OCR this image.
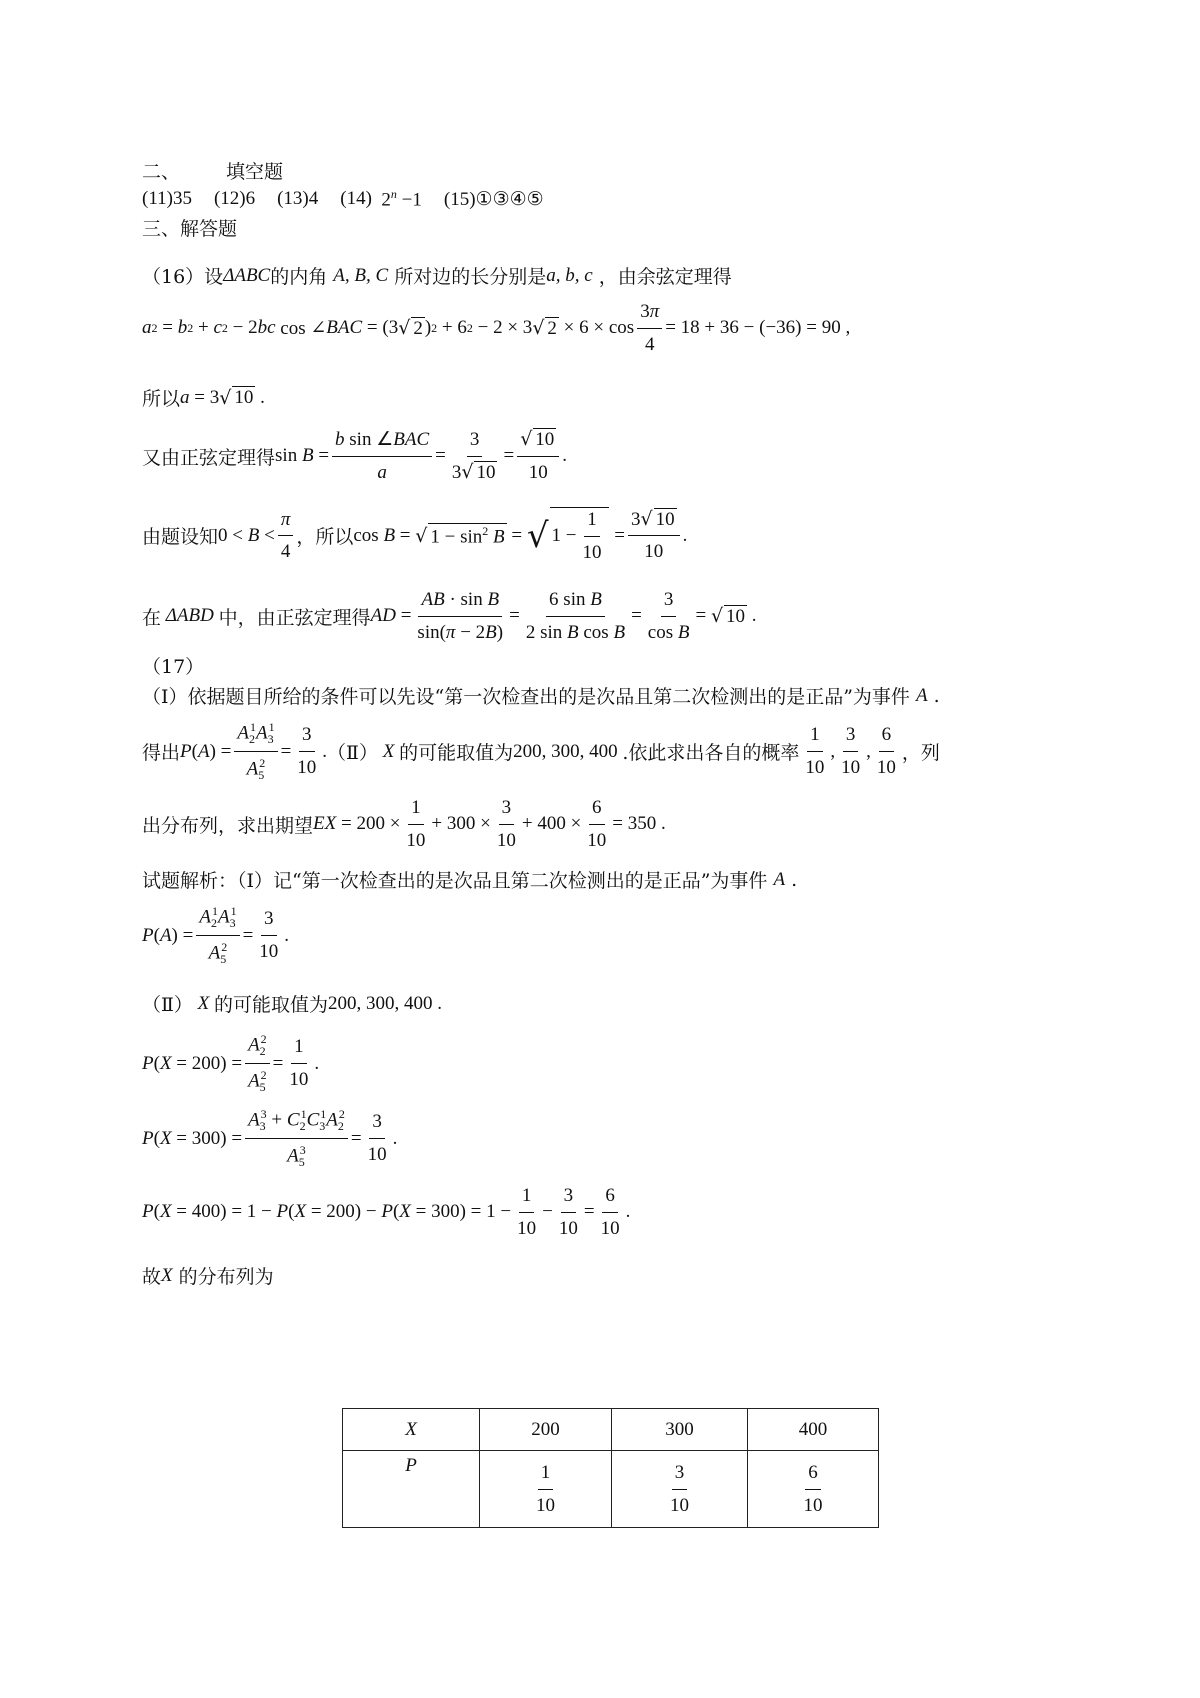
二、 填空题
(11)35 (12)6 (13)4 (14)
$2^n -1$ (15)①③④⑤
三、解答题
（16）设 ΔABC 的内角
A, B, C
所对边的长分别是 a, b, c
，由余弦定理得
a 2 = b 2 + c 2 − 2 bc cos ∠ BAC = (3 √ 2 ) 2 + 6 2 − 2 × 3 √ $2 \times 6 \times \cos \frac{3\pi}{4} = 18 + 36 - (-36) = 90$ ,
所以 a = 3 √ 10 .
又由正弦定理得 $\sin B = \frac{\text{b sin ∠BAC}}{a} = \frac{3}{3√ 10} = \frac{√ 10}{10}$ .
由题设知 $0 < B < \frac{\pi}{4}$ ，所以 cos B = √ $1 - \sin^2 B$ = √ $1 - \frac{1}{10} = \frac{3√ 10}{10}$ .
在
ΔABD
中，由正弦定理得 AD = $\frac{\text{AB · sin B}}{\sin(\pi - 2B)} = \frac{\text{6 sin B}}{\text{2 sin B cos B}} = \frac{3}{\text{cos B}}$ = √ 10 .
（17）
（Ⅰ）依据题目所给的条件可以先设“第一次检查出的是次品且第二次检测出的是正品”为事件
A
.
得出 P ( A ) = $\frac{A_2^1A_3^1}{A_5^2} = \frac{3}{10}$ . （Ⅱ）
X
的可能取值为 200, 300, 400
.依此求出各自的概率 $\frac{1}{10}$ , $\frac{3}{10}$ , $\frac{6}{10}$ ，列
出分布列，求出期望 EX = $200 \times \frac{1}{10} + 300 \times \frac{3}{10} + 400 \times \frac{6}{10} = 350$ .
试题解析：（Ⅰ）记“第一次检查出的是次品且第二次检测出的是正品”为事件
A .
P ( A ) = $\frac{A_2^1A_3^1}{A_5^2} = \frac{3}{10}$ .
（Ⅱ）
X
的可能取值为 200, 300, 400 .
P ( $X = 200) = \frac{A_2^2}{A_5^2} = \frac{1}{10}$ .
P ( $X = 300) = \frac{A_3^3 + C_2^1C_3^1A_2^2}{A_5^3} = \frac{3}{10}$ .
P ( X = 400) = 1 − P ( X = 200) − P ( $X = 300) = 1 - \frac{1}{10} - \frac{3}{10} = \frac{6}{10}$ .
故 X
的分布列为
X	200	300	400
P	$\frac{1}{10}$	$\frac{3}{10}$	$\frac{6}{10}$
